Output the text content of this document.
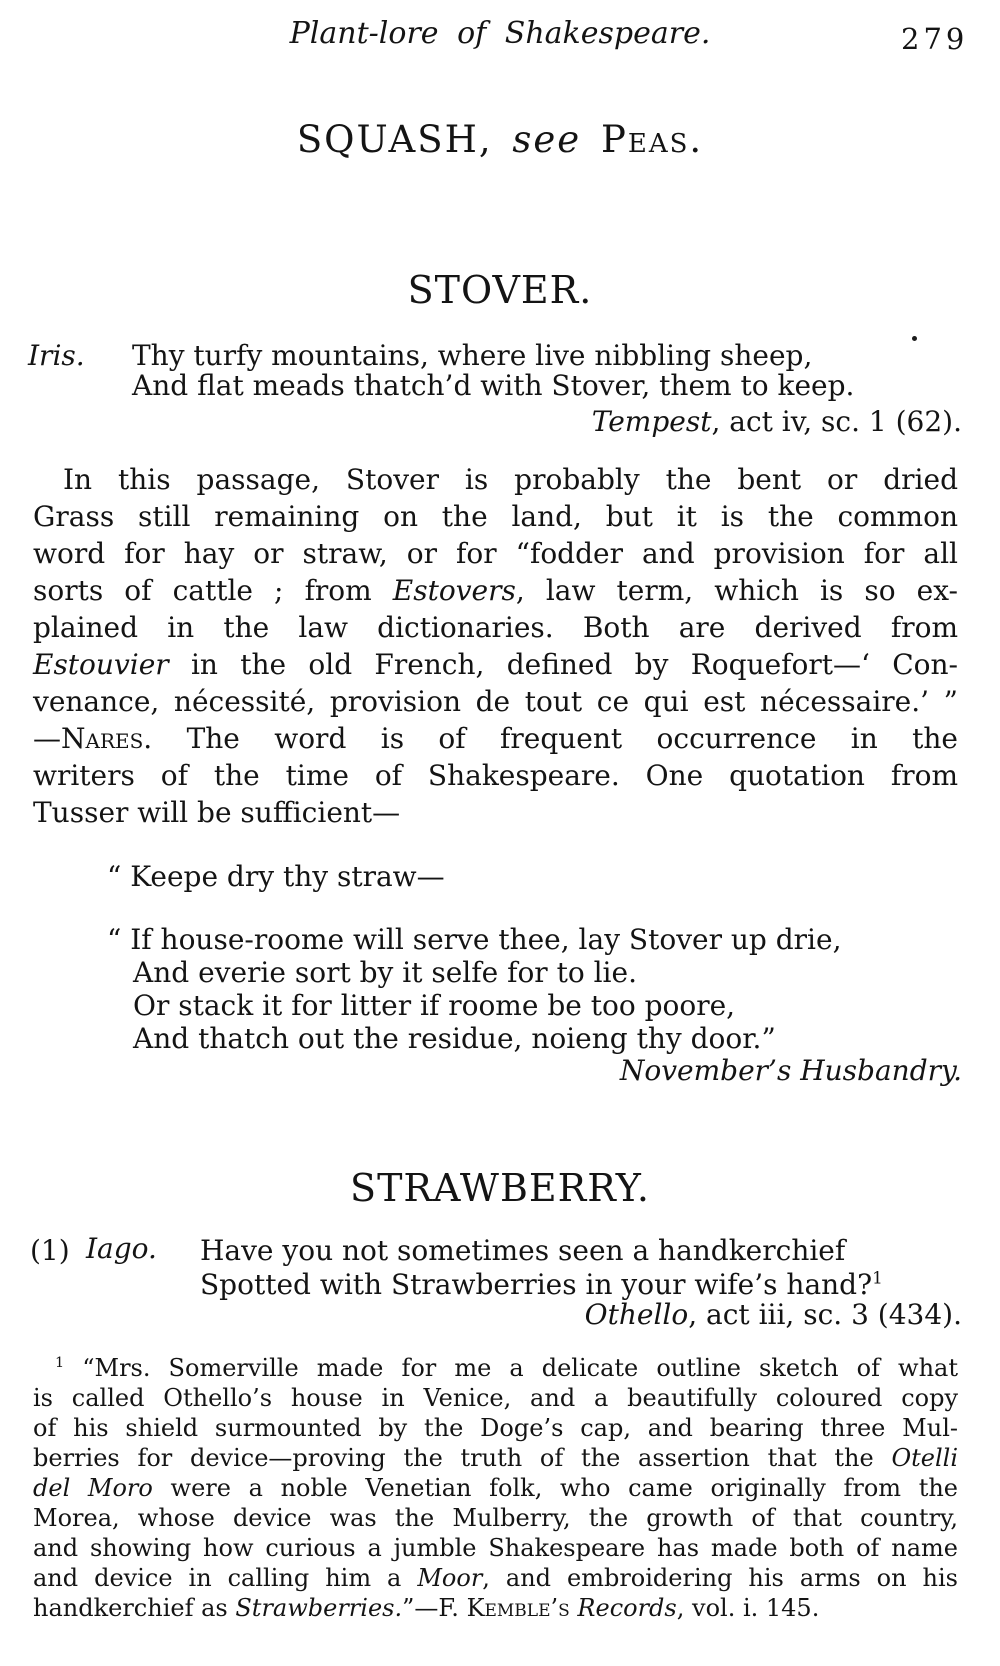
Plant-lore of Shakespeare.	279
SQUASH, see Peas.
STOVER.
Iris. Thy turfy mountains, where live nibbling sheep,
And flat meads thatch’d with Stover, them to keep.
Tempest, act iv, sc. 1 (62).
In this passage, Stover is probably the bent or dried
Grass still remaining on the land, but it is the common
word for hay or straw, or for “fodder and provision for all
sorts of cattle ; from Estovers, law term, which is so ex-
plained in the law dictionaries. Both are derived from
Estouvier in the old French, defined by Roquefort—‘ Con-
venance, nécessité, provision de tout ce qui est nécessaire.’ ”
—Nares. The word is of frequent occurrence in the
writers of the time of Shakespeare. One quotation from
Tusser will be sufficient—
“ Keepe dry thy straw—
“ If house-roome will serve thee, lay Stover up drie,
And everie sort by it selfe for to lie.
Or stack it for litter if roome be too poore,
And thatch out the residue, noieng thy door.”
November’s Husbandry.
STRAWBERRY.
(1) Iago. Have you not sometimes seen a handkerchief
Spotted with Strawberries in your wife’s hand?$^1$
Othello, act iii, sc. 3 (434).
$^1$ “Mrs. Somerville made for me a delicate outline sketch of what
is called Othello’s house in Venice, and a beautifully coloured copy
of his shield surmounted by the Doge’s cap, and bearing three Mul-
berries for device—proving the truth of the assertion that the Otelli
del Moro were a noble Venetian folk, who came originally from the
Morea, whose device was the Mulberry, the growth of that country,
and showing how curious a jumble Shakespeare has made both of name
and device in calling him a Moor, and embroidering his arms on his
handkerchief as Strawberries.”—F. Kemble’s Records, vol. i. 145.
